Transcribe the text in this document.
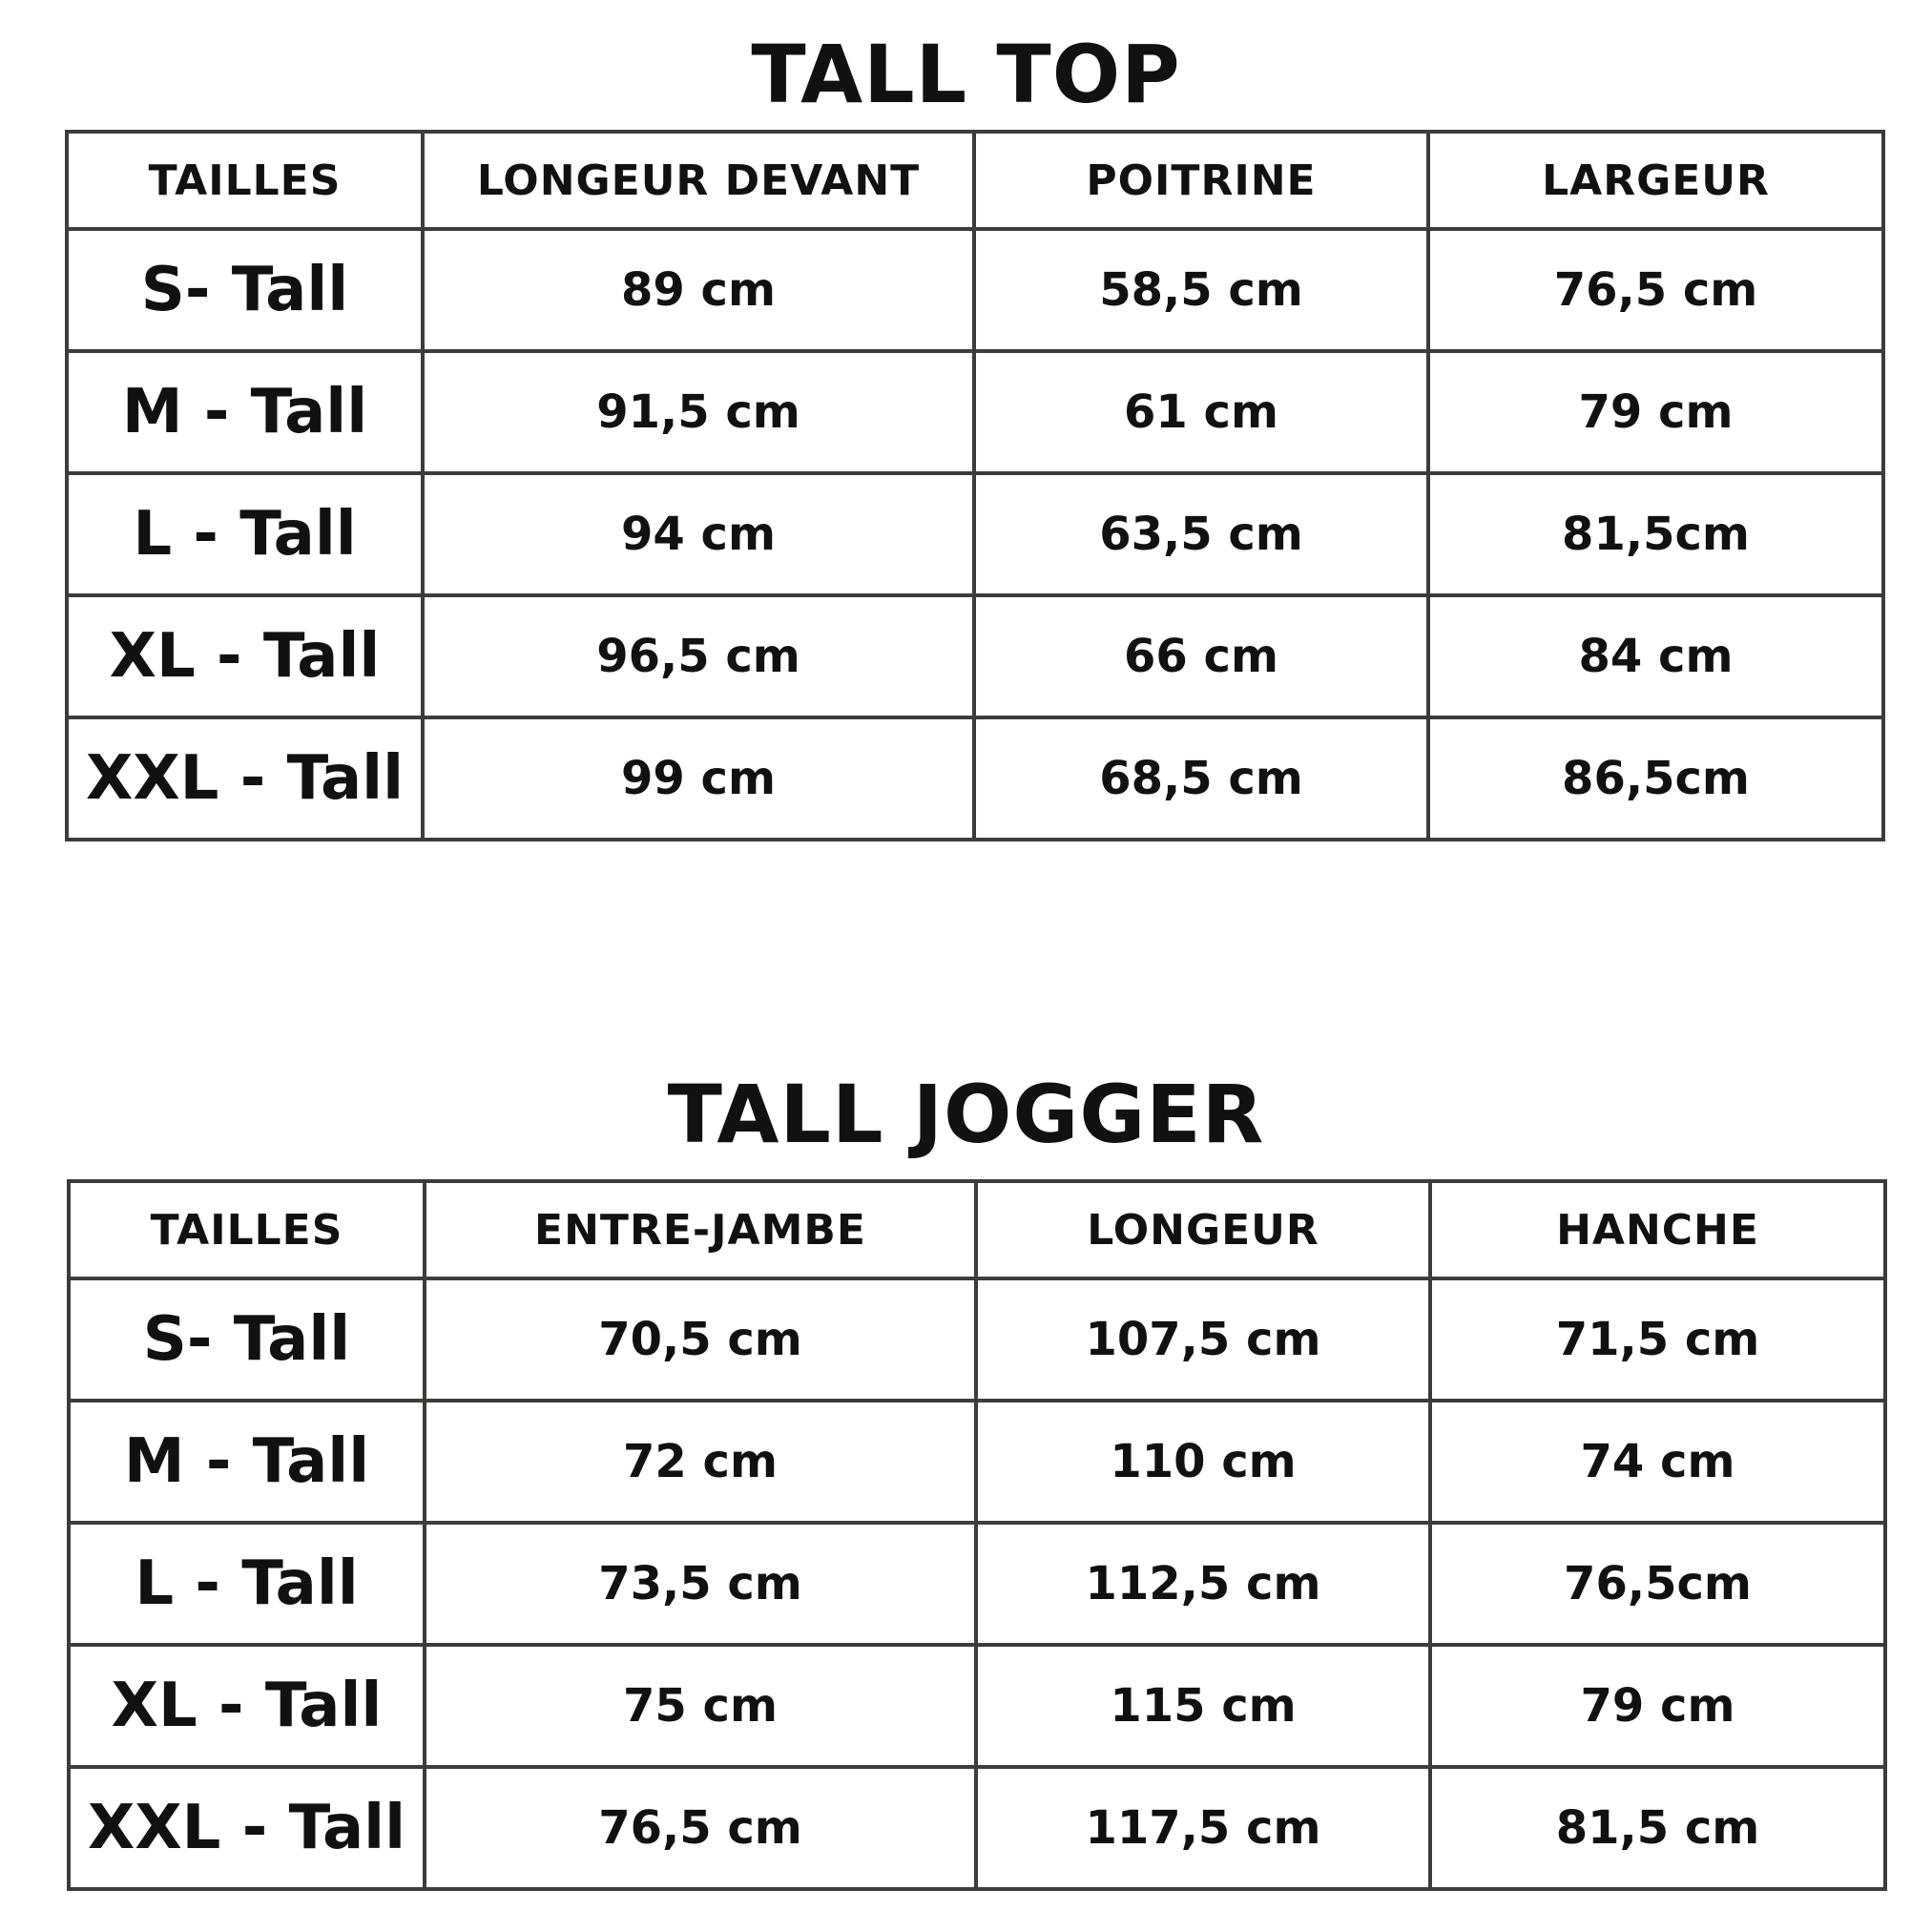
TALL TOP
TAILLES	LONGEUR DEVANT	POITRINE	LARGEUR
S- Tall	89 cm	58,5 cm	76,5 cm
M - Tall	91,5 cm	61 cm	79 cm
L - Tall	94 cm	63,5 cm	81,5cm
XL - Tall	96,5 cm	66 cm	84 cm
XXL - Tall	99 cm	68,5 cm	86,5cm
TALL JOGGER
TAILLES	ENTRE-JAMBE	LONGEUR	HANCHE
S- Tall	70,5 cm	107,5 cm	71,5 cm
M - Tall	72 cm	110 cm	74 cm
L - Tall	73,5 cm	112,5 cm	76,5cm
XL - Tall	75 cm	115 cm	79 cm
XXL - Tall	76,5 cm	117,5 cm	81,5 cm
